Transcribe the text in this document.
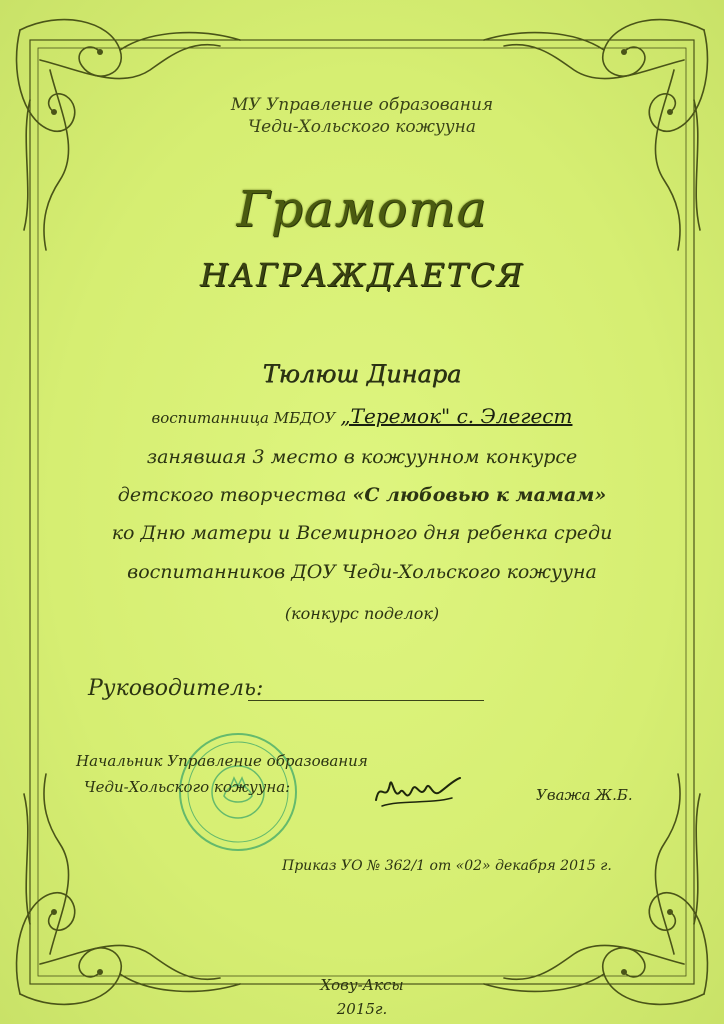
МУ Управление образования
Чеди-Хольского кожууна
Грамота
НАГРАЖДАЕТСЯ
Тюлюш Динара
воспитанница МБДОУ „Теремок" с. Элегест
занявшая 3 место в кожуунном конкурсе
детского творчества «С любовью к мамам»
ко Дню матери и Всемирного дня ребенка среди
воспитанников ДОУ Чеди-Хольского кожууна
(конкурс поделок)
Руководитель:
Начальник Управление образования
Чеди-Хольского кожууна:	Уважа Ж.Б.
Приказ УО № 362/1 от «02» декабря 2015 г.
Хову-Аксы
2015г.
